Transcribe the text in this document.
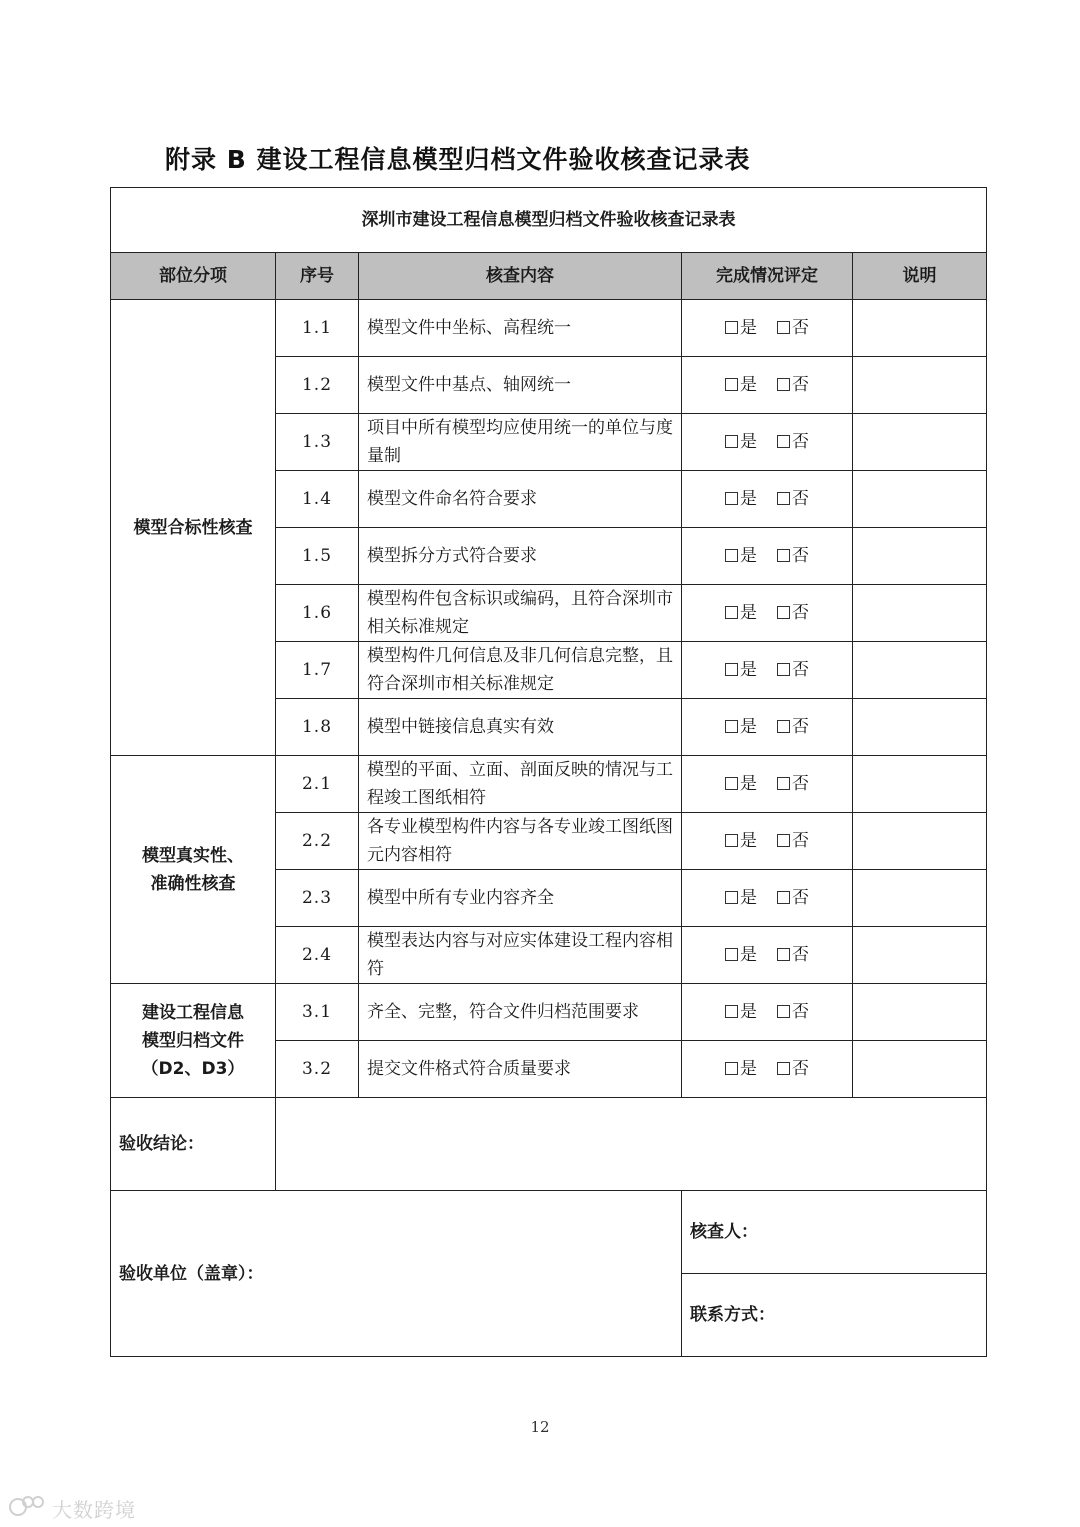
附录 B 建设工程信息模型归档文件验收核查记录表
深圳市建设工程信息模型归档文件验收核查记录表				
部位分项	序号	核查内容	完成情况评定	说明

模型合标性核查	1.1	模型文件中坐标、高程统一	是 否	
	1.2	模型文件中基点、轴网统一	是 否	
	1.3	项目中所有模型均应使用统一的单位与度量制	是 否	
	1.4	模型文件命名符合要求	是 否	
	1.5	模型拆分方式符合要求	是 否	
	1.6	模型构件包含标识或编码，且符合深圳市相关标准规定	是 否	
	1.7	模型构件几何信息及非几何信息完整，且符合深圳市相关标准规定	是 否	
	1.8	模型中链接信息真实有效	是 否	

模型真实性、
准确性核查	2.1	模型的平面、立面、剖面反映的情况与工程竣工图纸相符	是 否	
	2.2	各专业模型构件内容与各专业竣工图纸图元内容相符	是 否	
	2.3	模型中所有专业内容齐全	是 否	
	2.4	模型表达内容与对应实体建设工程内容相符	是 否	

建设工程信息
模型归档文件
（D2、D3）	3.1	齐全、完整，符合文件归档范围要求	是 否	
	3.2	提交文件格式符合质量要求	是 否	
验收结论：				
验收单位（盖章）：			核查人：	
			联系方式：	
12
大数跨境
